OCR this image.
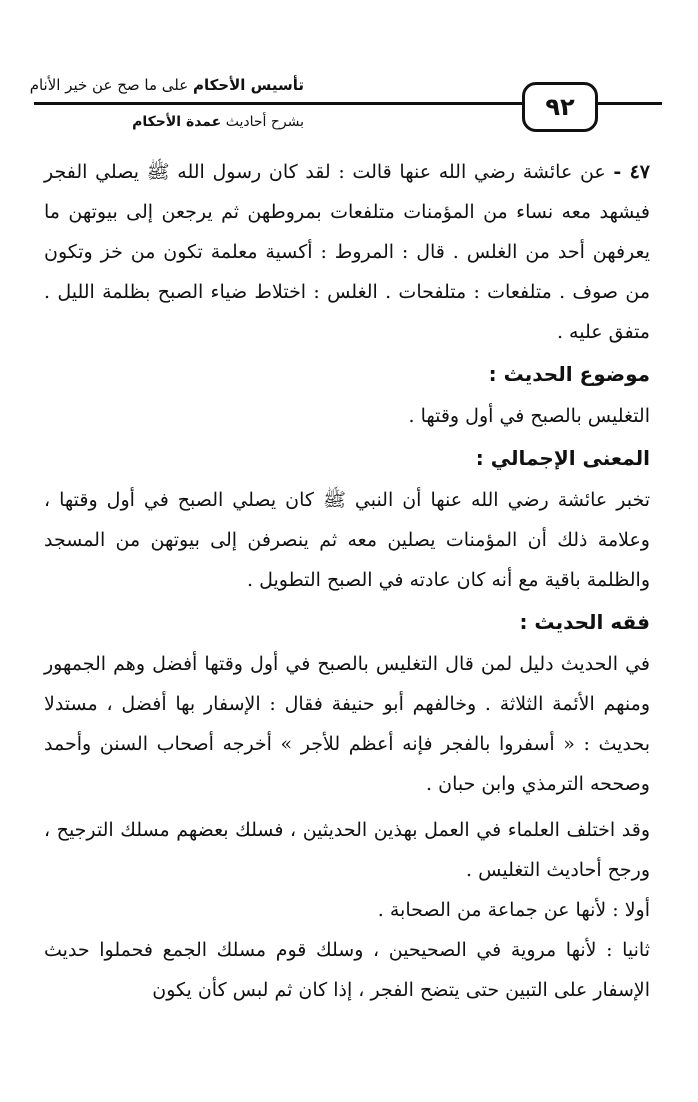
تأسيس الأحكام على ما صح عن خير الأنام
بشرح أحاديث عمدة الأحكام
٩٢

٤٧ - عن عائشة رضي الله عنها قالت : لقد كان رسول الله ﷺ يصلي الفجر فيشهد معه نساء من المؤمنات متلفعات بمروطهن ثم يرجعن إلى بيوتهن ما يعرفهن أحد من الغلس . قال : المروط : أكسية معلمة تكون من خز وتكون من صوف . متلفعات : متلفحات . الغلس : اختلاط ضياء الصبح بظلمة الليل . متفق عليه .

موضوع الحديث :

التغليس بالصبح في أول وقتها .

المعنى الإجمالي :

تخبر عائشة رضي الله عنها أن النبي ﷺ كان يصلي الصبح في أول وقتها ، وعلامة ذلك أن المؤمنات يصلين معه ثم ينصرفن إلى بيوتهن من المسجد والظلمة باقية مع أنه كان عادته في الصبح التطويل .

فقه الحديث :

في الحديث دليل لمن قال التغليس بالصبح في أول وقتها أفضل وهم الجمهور ومنهم الأئمة الثلاثة . وخالفهم أبو حنيفة فقال : الإسفار بها أفضل ، مستدلا بحديث : « أسفروا بالفجر فإنه أعظم للأجر » أخرجه أصحاب السنن وأحمد وصححه الترمذي وابن حبان .

وقد اختلف العلماء في العمل بهذين الحديثين ، فسلك بعضهم مسلك الترجيح ، ورجح أحاديث التغليس .

أولا : لأنها عن جماعة من الصحابة .

ثانيا : لأنها مروية في الصحيحين ، وسلك قوم مسلك الجمع فحملوا حديث الإسفار على التبين حتى يتضح الفجر ، إذا كان ثم لبس كأن يكون
